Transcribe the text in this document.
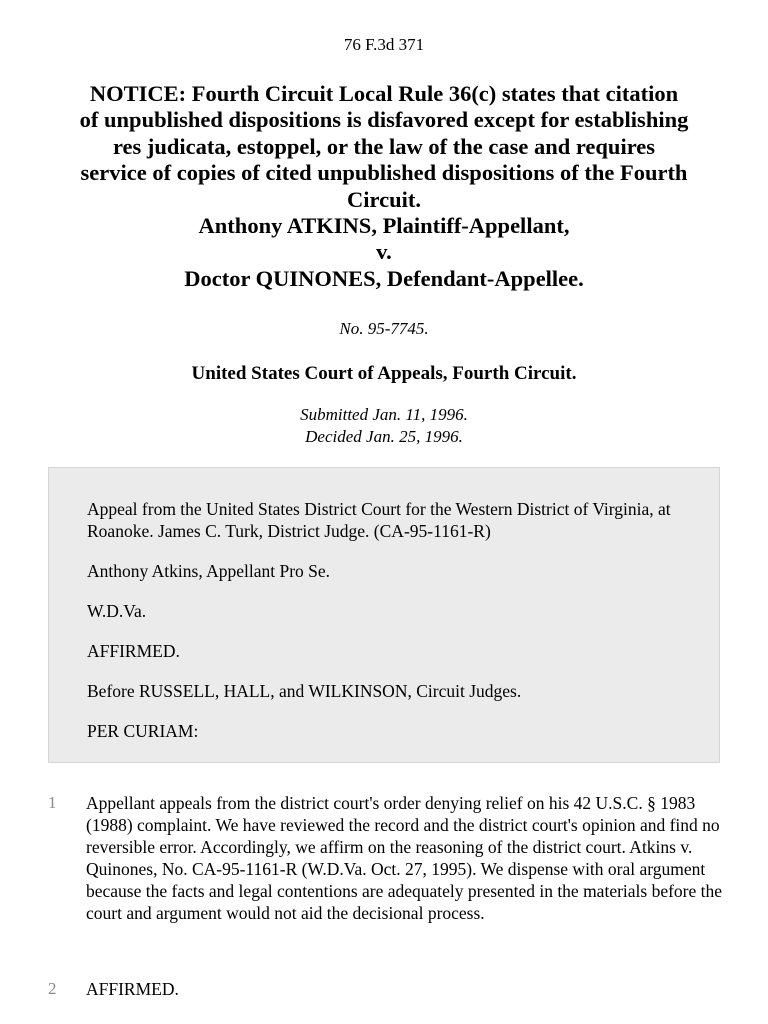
76 F.3d 371
NOTICE: Fourth Circuit Local Rule 36(c) states that citation
of unpublished dispositions is disfavored except for establishing
res judicata, estoppel, or the law of the case and requires
service of copies of cited unpublished dispositions of the Fourth
Circuit.
Anthony ATKINS, Plaintiff-Appellant,
v.
Doctor QUINONES, Defendant-Appellee.
No. 95-7745.
United States Court of Appeals, Fourth Circuit.
Submitted Jan. 11, 1996.
Decided Jan. 25, 1996.

Appeal from the United States District Court for the Western District of Virginia, at Roanoke. James C. Turk, District Judge. (CA-95-1161-R)

Anthony Atkins, Appellant Pro Se.

W.D.Va.

AFFIRMED.

Before RUSSELL, HALL, and WILKINSON, Circuit Judges.

PER CURIAM:

1 Appellant appeals from the district court's order denying relief on his 42 U.S.C. § 1983 (1988) complaint. We have reviewed the record and the district court's opinion and find no reversible error. Accordingly, we affirm on the reasoning of the district court. Atkins v. Quinones, No. CA-95-1161-R (W.D.Va. Oct. 27, 1995). We dispense with oral argument because the facts and legal contentions are adequately presented in the materials before the court and argument would not aid the decisional process.
2 AFFIRMED.
